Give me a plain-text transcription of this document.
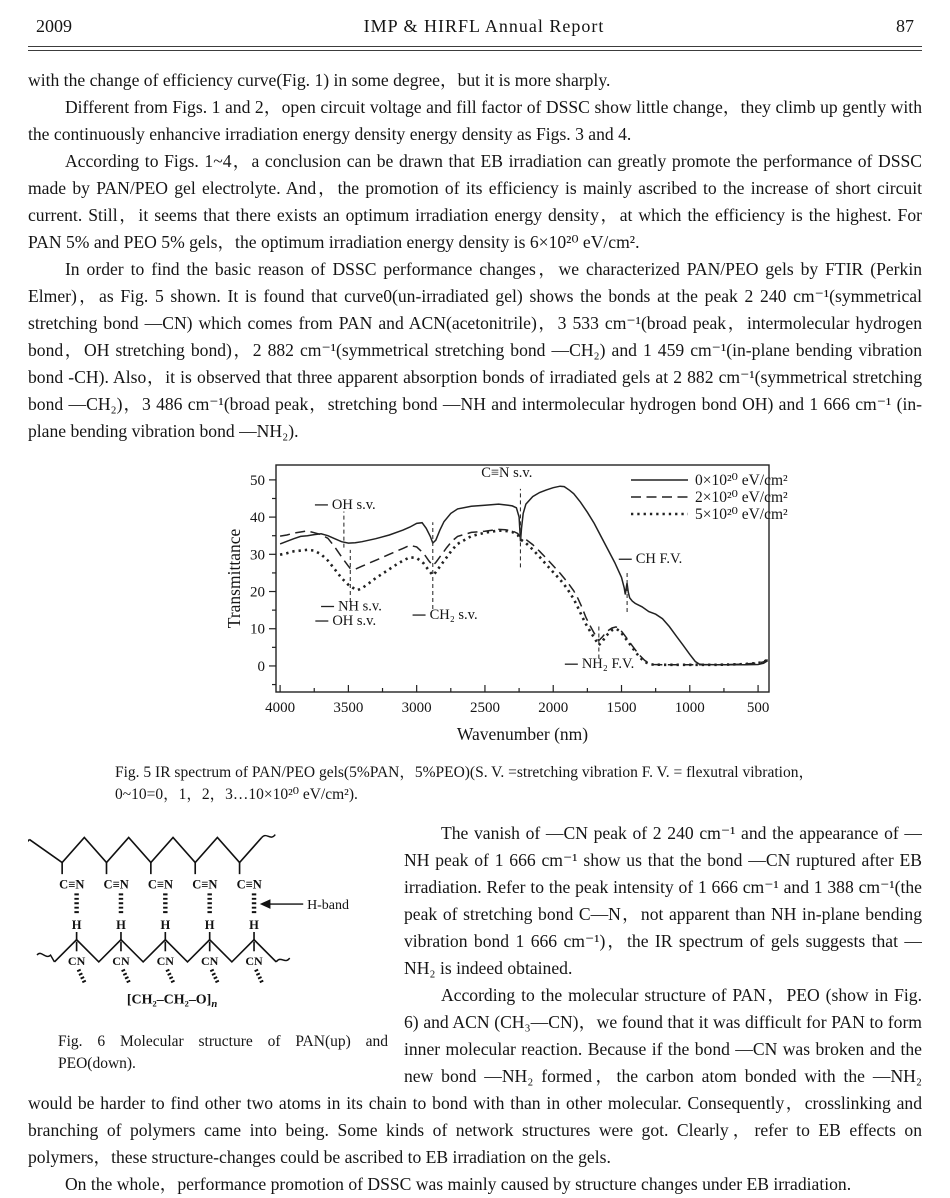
2009	IMP & HIRFL Annual Report	87

with the change of efficiency curve(Fig. 1) in some degree，but it is more sharply.

Different from Figs. 1 and 2，open circuit voltage and fill factor of DSSC show little change，they climb up gently with the continuously enhancive irradiation energy density energy density as Figs. 3 and 4.

According to Figs. 1~4，a conclusion can be drawn that EB irradiation can greatly promote the performance of DSSC made by PAN/PEO gel electrolyte. And，the promotion of its efficiency is mainly ascribed to the increase of short circuit current. Still，it seems that there exists an optimum irradiation energy density，at which the efficiency is the highest. For PAN 5% and PEO 5% gels，the optimum irradiation energy density is 6×10²⁰ eV/cm².

In order to find the basic reason of DSSC performance changes，we characterized PAN/PEO gels by FTIR (Perkin Elmer)，as Fig. 5 shown. It is found that curve0(un-irradiated gel) shows the bonds at the peak 2 240 cm⁻¹(symmetrical stretching bond —CN) which comes from PAN and ACN(acetonitrile)，3 533 cm⁻¹(broad peak，intermolecular hydrogen bond，OH stretching bond)，2 882 cm⁻¹(symmetrical stretching bond —CH₂) and 1 459 cm⁻¹(in-plane bending vibration bond -CH). Also，it is observed that three apparent absorption bonds of irradiated gels at 2 882 cm⁻¹(symmetrical stretching bond —CH₂)，3 486 cm⁻¹(broad peak，stretching bond —NH and intermolecular hydrogen bond OH) and 1 666 cm⁻¹ (in-plane bending vibration bond —NH₂).

4000	3500	3000	2500	2000	1500	1000	500
0
10
20
30
40
50
OH s.v.
NH s.v.
OH s.v.	CH₂ s.v.
C≡N s.v.
NH₂ F.V.
CH F.V.
0×10²⁰ eV/cm²
2×10²⁰ eV/cm²
5×10²⁰ eV/cm²
Wavenumber (nm)
Transmittance
Fig. 5 IR spectrum of PAN/PEO gels(5%PAN，5%PEO)(S. V. =stretching vibration F. V. = flexutral vibration，0~10=0，1，2，3…10×10²⁰ eV/cm²).
C≡N
H
C≡N
H
C≡N
H
C≡N
H
C≡N
H
CN CN CN CN CN
H-band
$[CH_2-CH_2-O]_n$
Fig. 6 Molecular structure of PAN(up) and PEO(down).

The vanish of —CN peak of 2 240 cm⁻¹ and the appearance of —NH peak of 1 666 cm⁻¹ show us that the bond —CN ruptured after EB irradiation. Refer to the peak intensity of 1 666 cm⁻¹ and 1 388 cm⁻¹(the peak of stretching bond C—N，not apparent than NH in-plane bending vibration bond 1 666 cm⁻¹)，the IR spectrum of gels suggests that —NH₂ is indeed obtained.

According to the molecular structure of PAN，PEO (show in Fig. 6) and ACN (CH₃—CN)，we found that it was difficult for PAN to form inner molecular reaction. Because if the bond —CN was broken and the new bond —NH₂ formed，the carbon atom bonded with the —NH₂ would be harder to find other two atoms in its chain to bond with than in other molecular. Consequently，crosslinking and branching of polymers came into being. Some kinds of network structures were got. Clearly，refer to EB effects on polymers，these structure-changes could be ascribed to EB irradiation on the gels.

On the whole，performance promotion of DSSC was mainly caused by structure changes under EB irradiation.
